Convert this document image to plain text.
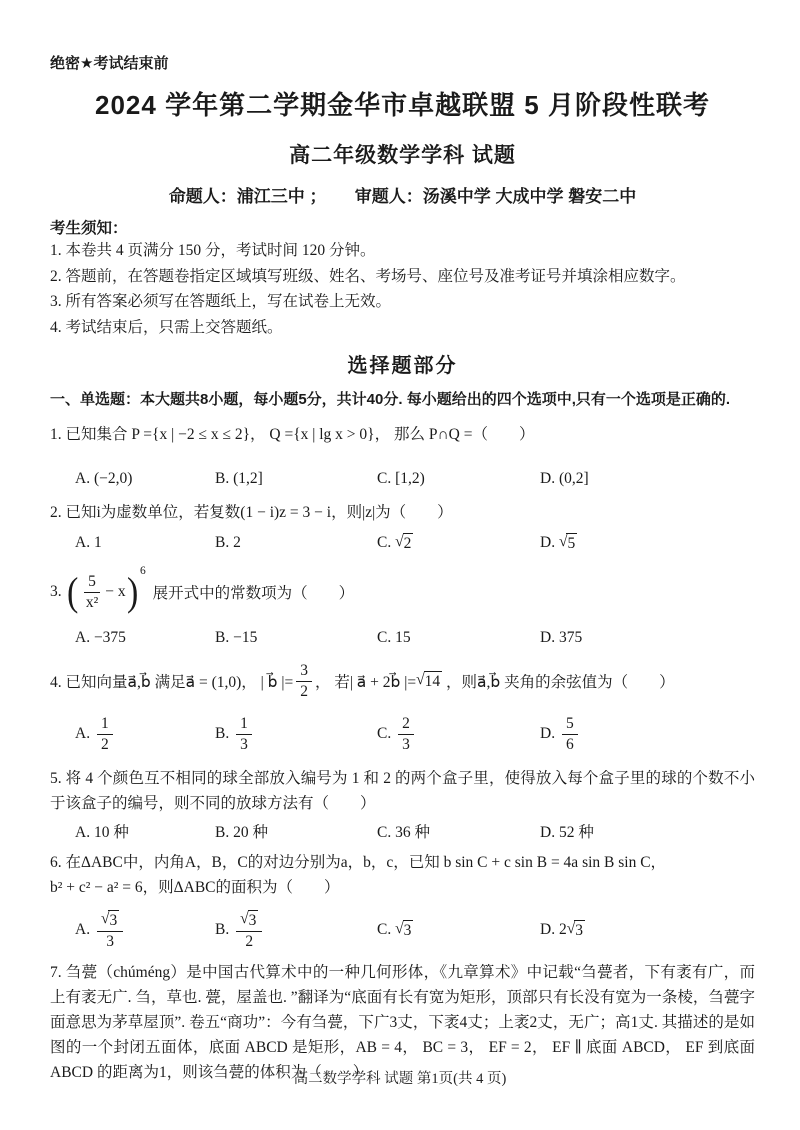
绝密★考试结束前
2024 学年第二学期金华市卓越联盟 5 月阶段性联考
高二年级数学学科 试题
命题人：浦江三中 ；      审题人：汤溪中学 大成中学 磐安二中
考生须知：
1. 本卷共 4 页满分 150 分，考试时间 120 分钟。
2. 答题前，在答题卷指定区域填写班级、姓名、考场号、座位号及准考证号并填涂相应数字。
3. 所有答案必须写在答题纸上，写在试卷上无效。
4. 考试结束后，只需上交答题纸。
选择题部分
一、单选题：本大题共8小题，每小题5分，共计40分. 每小题给出的四个选项中,只有一个选项是正确的.
1. 已知集合 P ={x | −2 ≤ x ≤ 2}， Q ={x | lg x > 0}， 那么 P∩Q =（　　）
A. (−2,0)	B. (1,2]	C. [1,2)	D. (0,2]
2. 已知i为虚数单位，若复数(1 − i)z = 3 − i，则|z|为（　　）
A. 1	B. 2	C. √ 2	D. √ 5
3. ( $\frac{5}{\text{x²}} - x$ ) 6
展开式中的常数项为（　　）
A. −375	B. −15	C. 15	D. 375
4. 已知向量a⃗,b⃗ 满足a⃗ = (1,0)， | b⃗ |= $\frac{3}{2}$ ， 若| a⃗ + 2b⃗ |= √ 14 ，则a⃗,b⃗ 夹角的余弦值为（　　）
A. $\frac{1}{2}$	B. $\frac{1}{3}$	C. $\frac{2}{3}$	D. $\frac{5}{6}$
5. 将 4 个颜色互不相同的球全部放入编号为 1 和 2 的两个盒子里，使得放入每个盒子里的球的个数不小于该盒子的编号，则不同的放球方法有（　　）
A. 10 种	B. 20 种	C. 36 种	D. 52 种
6. 在ΔABC中，内角A，B，C的对边分别为a，b，c，已知 b sin C + c sin B = 4a sin B sin C，
b² + c² − a² = 6，则ΔABC的面积为（　　）
A. $\frac{√ 3}{3}$	B. $\frac{√ 3}{2}$	C. √ 3	D. 2 √ 3
7. 刍甍（chúméng）是中国古代算术中的一种几何形体，《九章算术》中记载“刍甍者，下有袤有广，而上有袤无广. 刍，草也. 甍，屋盖也. ”翻译为“底面有长有宽为矩形，顶部只有长没有宽为一条棱，刍甍字面意思为茅草屋顶”. 卷五“商功”：今有刍甍，下广3丈，下袤4丈；上袤2丈，无广；高1丈. 其描述的是如图的一个封闭五面体，底面 ABCD 是矩形，AB = 4， BC = 3， EF = 2， EF ∥ 底面 ABCD， EF 到底面 ABCD 的距离为1，则该刍甍的体积为（　　）
高二数学学科 试题 第1页(共 4 页)
